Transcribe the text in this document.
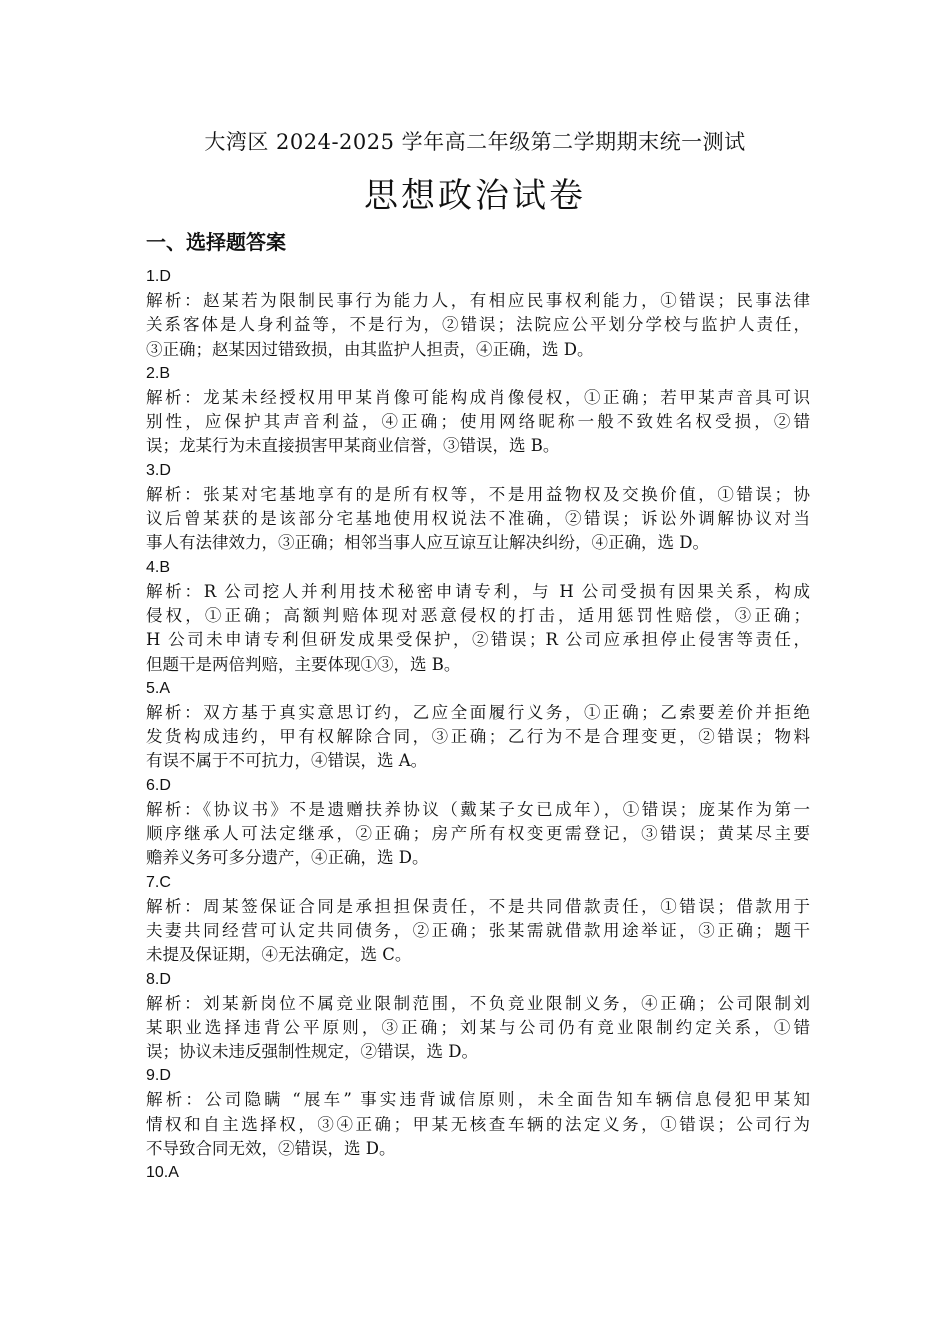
大湾区 2024-2025 学年高二年级第二学期期末统一测试
思想政治试卷
一、选择题答案
1.D
解析：赵某若为限制民事行为能力人，有相应民事权利能力，①错误；民事法律
关系客体是人身利益等，不是行为，②错误；法院应公平划分学校与监护人责任，
③正确；赵某因过错致损，由其监护人担责，④正确，选 D。
2.B
解析：龙某未经授权用甲某肖像可能构成肖像侵权，①正确；若甲某声音具可识
别性，应保护其声音利益，④正确；使用网络昵称一般不致姓名权受损，②错
误；龙某行为未直接损害甲某商业信誉，③错误，选 B。
3.D
解析：张某对宅基地享有的是所有权等，不是用益物权及交换价值，①错误；协
议后曾某获的是该部分宅基地使用权说法不准确，②错误；诉讼外调解协议对当
事人有法律效力，③正确；相邻当事人应互谅互让解决纠纷，④正确，选 D。
4.B
解析：R 公司挖人并利用技术秘密申请专利，与 H 公司受损有因果关系，构成
侵权，①正确；高额判赔体现对恶意侵权的打击，适用惩罚性赔偿，③正确；
H 公司未申请专利但研发成果受保护，②错误；R 公司应承担停止侵害等责任，
但题干是两倍判赔，主要体现①③，选 B。
5.A
解析：双方基于真实意思订约，乙应全面履行义务，①正确；乙索要差价并拒绝
发货构成违约，甲有权解除合同，③正确；乙行为不是合理变更，②错误；物料
有误不属于不可抗力，④错误，选 A。
6.D
解析：《协议书》不是遗赠扶养协议（戴某子女已成年），①错误；庞某作为第一
顺序继承人可法定继承，②正确；房产所有权变更需登记，③错误；黄某尽主要
赡养义务可多分遗产，④正确，选 D。
7.C
解析：周某签保证合同是承担担保责任，不是共同借款责任，①错误；借款用于
夫妻共同经营可认定共同债务，②正确；张某需就借款用途举证，③正确；题干
未提及保证期，④无法确定，选 C。
8.D
解析：刘某新岗位不属竞业限制范围，不负竞业限制义务，④正确；公司限制刘
某职业选择违背公平原则，③正确；刘某与公司仍有竞业限制约定关系，①错
误；协议未违反强制性规定，②错误，选 D。
9.D
解析：公司隐瞒 “展车” 事实违背诚信原则，未全面告知车辆信息侵犯甲某知
情权和自主选择权，③④正确；甲某无核查车辆的法定义务，①错误；公司行为
不导致合同无效，②错误，选 D。
10.A
